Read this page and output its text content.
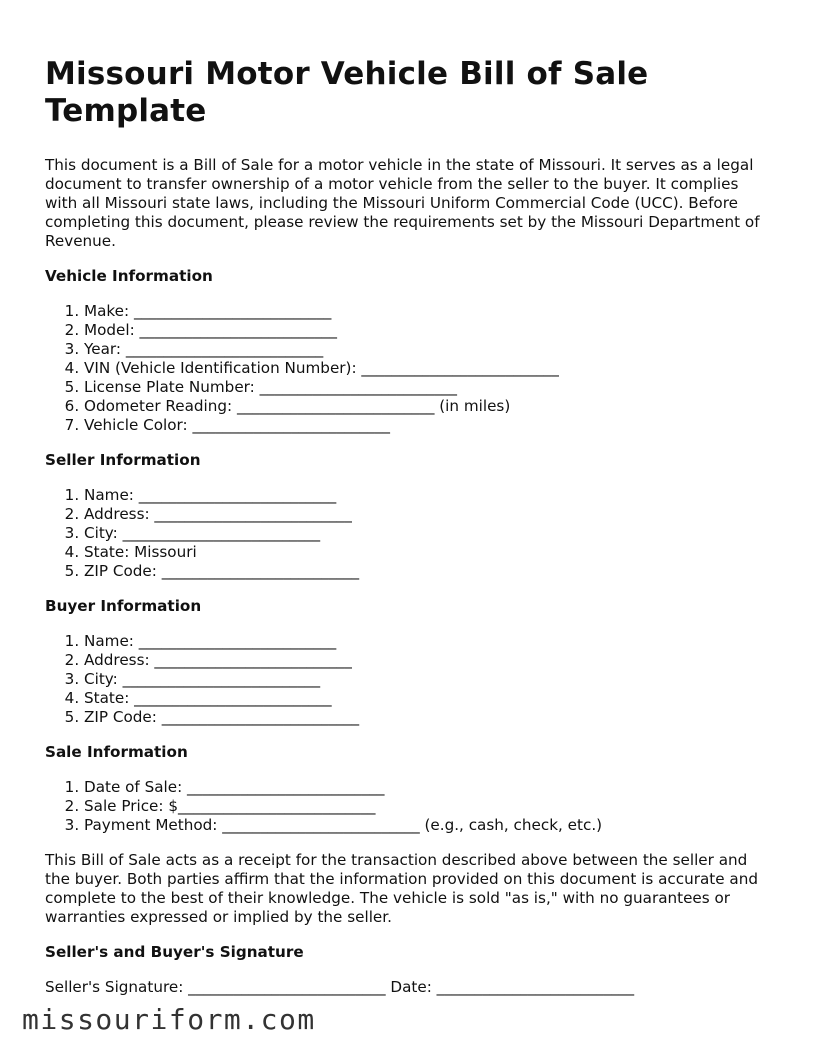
Missouri Motor Vehicle Bill of Sale Template

This document is a Bill of Sale for a motor vehicle in the state of Missouri. It serves as a legal document to transfer ownership of a motor vehicle from the seller to the buyer. It complies with all Missouri state laws, including the Missouri Uniform Commercial Code (UCC). Before completing this document, please review the requirements set by the Missouri Department of Revenue.

Vehicle Information
1. Make: __________________________
2. Model: __________________________
3. Year: __________________________
4. VIN (Vehicle Identification Number): __________________________
5. License Plate Number: __________________________
6. Odometer Reading: __________________________ (in miles)
7. Vehicle Color: __________________________
Seller Information
1. Name: __________________________
2. Address: __________________________
3. City: __________________________
4. State: Missouri
5. ZIP Code: __________________________
Buyer Information
1. Name: __________________________
2. Address: __________________________
3. City: __________________________
4. State: __________________________
5. ZIP Code: __________________________
Sale Information
1. Date of Sale: __________________________
2. Sale Price: $__________________________
3. Payment Method: __________________________ (e.g., cash, check, etc.)

This Bill of Sale acts as a receipt for the transaction described above between the seller and the buyer. Both parties affirm that the information provided on this document is accurate and complete to the best of their knowledge. The vehicle is sold "as is," with no guarantees or warranties expressed or implied by the seller.

Seller's and Buyer's Signature
Seller's Signature: __________________________ Date: __________________________
missouriform.com
